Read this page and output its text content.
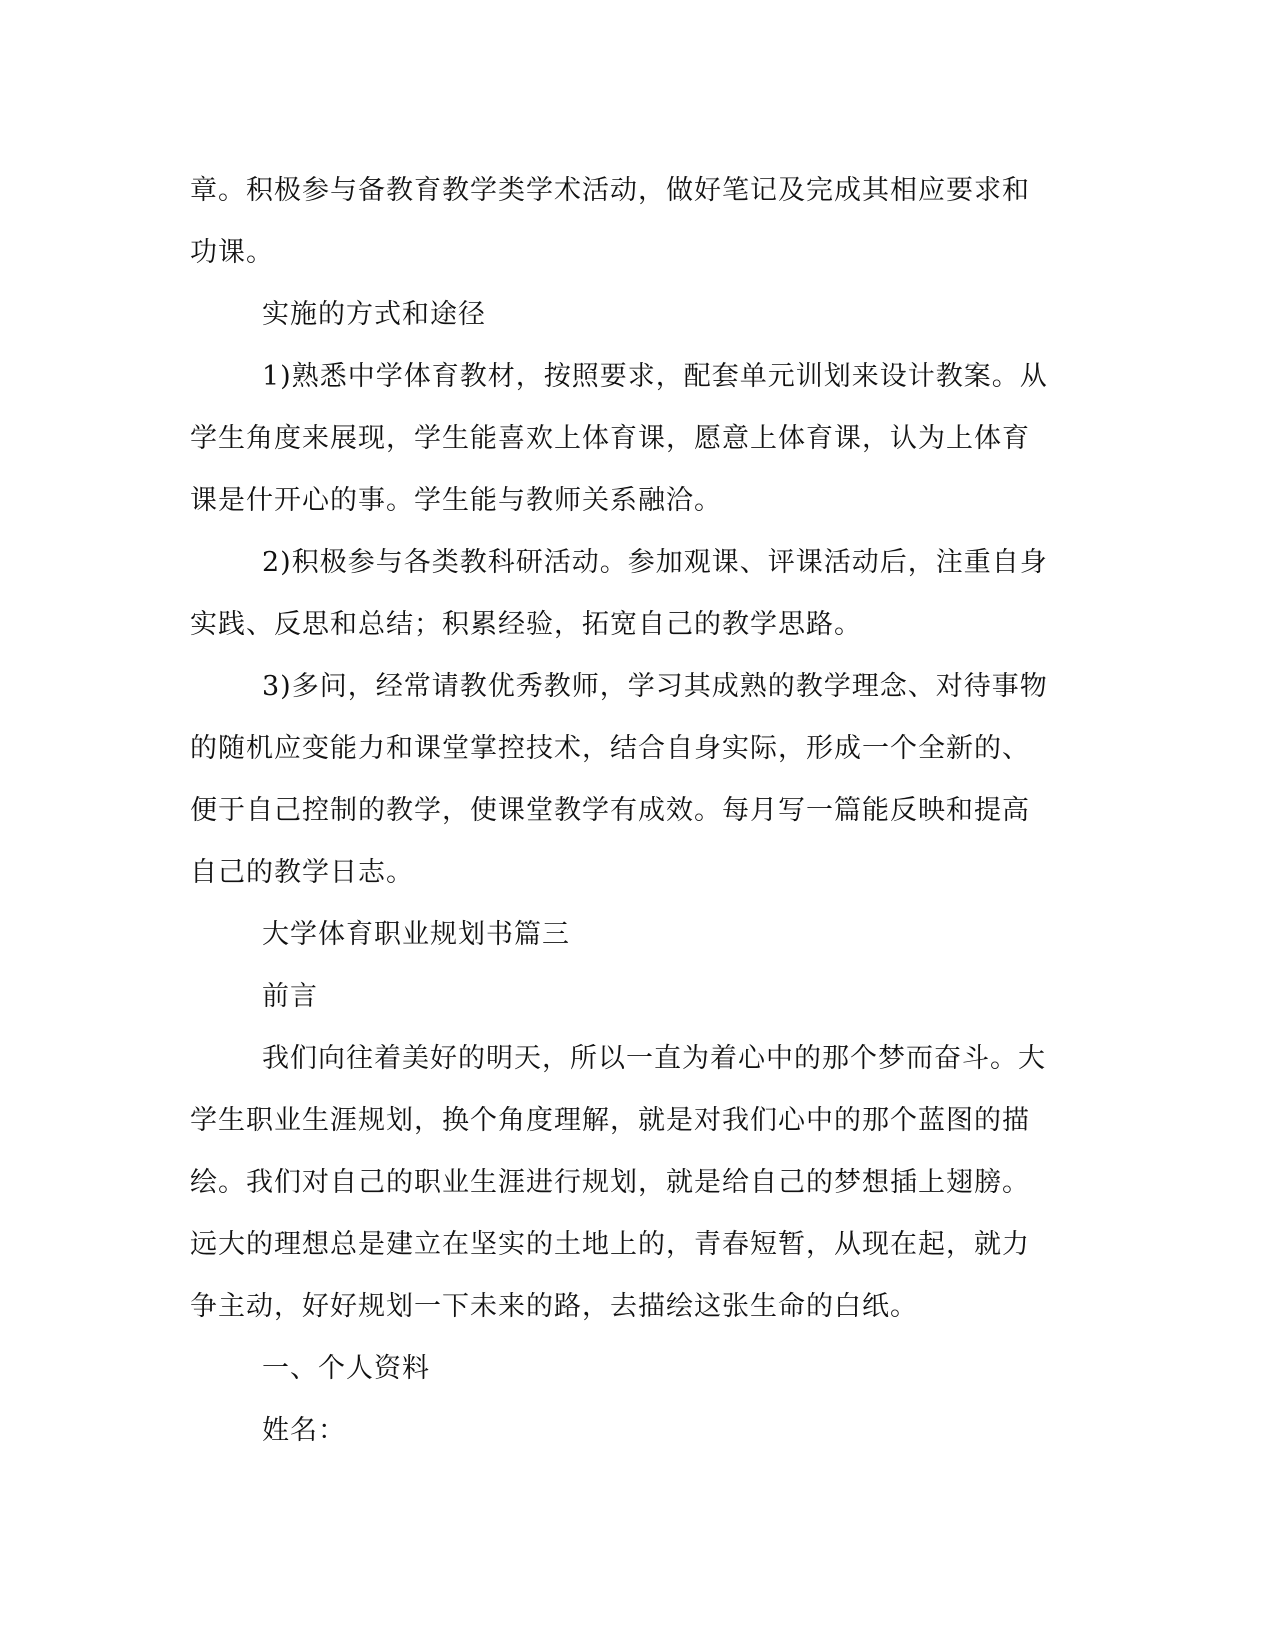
章。积极参与备教育教学类学术活动，做好笔记及完成其相应要求和
功课。
实施的方式和途径
1)熟悉中学体育教材，按照要求，配套单元训划来设计教案。从
学生角度来展现，学生能喜欢上体育课，愿意上体育课，认为上体育
课是什开心的事。学生能与教师关系融洽。
2)积极参与各类教科研活动。参加观课、评课活动后，注重自身
实践、反思和总结；积累经验，拓宽自己的教学思路。
3)多问，经常请教优秀教师，学习其成熟的教学理念、对待事物
的随机应变能力和课堂掌控技术，结合自身实际，形成一个全新的、
便于自己控制的教学，使课堂教学有成效。每月写一篇能反映和提高
自己的教学日志。
大学体育职业规划书篇三
前言
我们向往着美好的明天，所以一直为着心中的那个梦而奋斗。大
学生职业生涯规划，换个角度理解，就是对我们心中的那个蓝图的描
绘。我们对自己的职业生涯进行规划，就是给自己的梦想插上翅膀。
远大的理想总是建立在坚实的土地上的，青春短暂，从现在起，就力
争主动，好好规划一下未来的路，去描绘这张生命的白纸。
一、个人资料
姓名：
